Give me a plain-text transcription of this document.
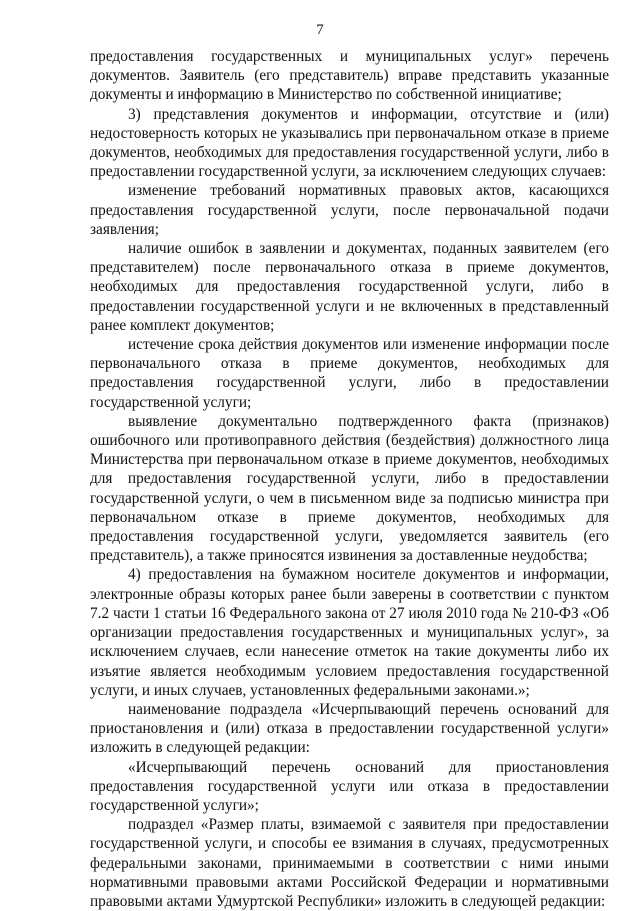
7

предоставления государственных и муниципальных услуг» перечень документов. Заявитель (его представитель) вправе представить указанные документы и информацию в Министерство по собственной инициативе;

3) представления документов и информации, отсутствие и (или) недостоверность которых не указывались при первоначальном отказе в приеме документов, необходимых для предоставления государственной услуги, либо в предоставлении государственной услуги, за исключением следующих случаев:

изменение требований нормативных правовых актов, касающихся предоставления государственной услуги, после первоначальной подачи заявления;

наличие ошибок в заявлении и документах, поданных заявителем (его представителем) после первоначального отказа в приеме документов, необходимых для предоставления государственной услуги, либо в предоставлении государственной услуги и не включенных в представленный ранее комплект документов;

истечение срока действия документов или изменение информации после первоначального отказа в приеме документов, необходимых для предоставления государственной услуги, либо в предоставлении государственной услуги;

выявление документально подтвержденного факта (признаков) ошибочного или противоправного действия (бездействия) должностного лица Министерства при первоначальном отказе в приеме документов, необходимых для предоставления государственной услуги, либо в предоставлении государственной услуги, о чем в письменном виде за подписью министра при первоначальном отказе в приеме документов, необходимых для предоставления государственной услуги, уведомляется заявитель (его представитель), а также приносятся извинения за доставленные неудобства;

4) предоставления на бумажном носителе документов и информации, электронные образы которых ранее были заверены в соответствии с пунктом 7.2 части 1 статьи 16 Федерального закона от 27 июля 2010 года № 210-ФЗ «Об организации предоставления государственных и муниципальных услуг», за исключением случаев, если нанесение отметок на такие документы либо их изъятие является необходимым условием предоставления государственной услуги, и иных случаев, установленных федеральными законами.»;

наименование подраздела «Исчерпывающий перечень оснований для приостановления и (или) отказа в предоставлении государственной услуги» изложить в следующей редакции:

«Исчерпывающий перечень оснований для приостановления предоставления государственной услуги или отказа в предоставлении государственной услуги»;

подраздел «Размер платы, взимаемой с заявителя при предоставлении государственной услуги, и способы ее взимания в случаях, предусмотренных федеральными законами, принимаемыми в соответствии с ними иными нормативными правовыми актами Российской Федерации и нормативными правовыми актами Удмуртской Республики» изложить в следующей редакции:
